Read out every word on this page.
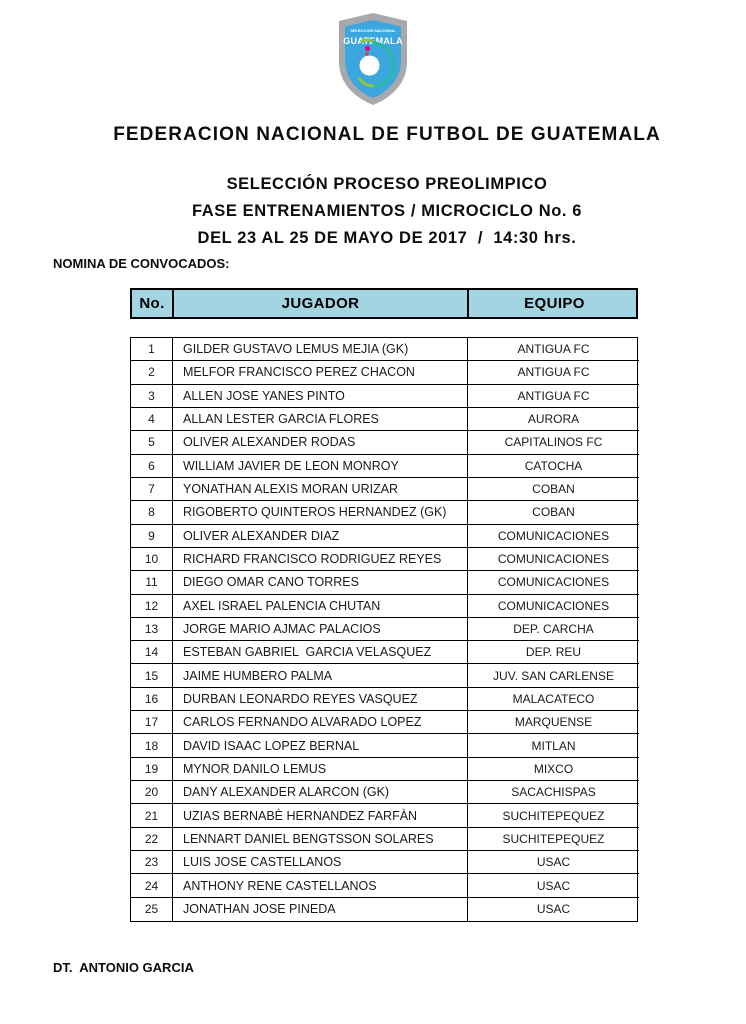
SELECCION NACIONAL
GUATEMALA
FEDERACION NACIONAL DE FUTBOL DE GUATEMALA
SELECCIÓN PROCESO PREOLIMPICO
FASE ENTRENAMIENTOS / MICROCICLO No. 6
DEL 23 AL 25 DE MAYO DE 2017  /  14:30 hrs.
NOMINA DE CONVOCADOS:
No.	JUGADOR	EQUIPO
1	GILDER GUSTAVO LEMUS MEJIA (GK)	ANTIGUA FC
2	MELFOR FRANCISCO PEREZ CHACON	ANTIGUA FC
3	ALLEN JOSE YANES PINTO	ANTIGUA FC
4	ALLAN LESTER GARCIA FLORES	AURORA
5	OLIVER ALEXANDER RODAS	CAPITALINOS FC
6	WILLIAM JAVIER DE LEON MONROY	CATOCHA
7	YONATHAN ALEXIS MORAN URIZAR	COBAN
8	RIGOBERTO QUINTEROS HERNANDEZ (GK)	COBAN
9	OLIVER ALEXANDER DIAZ	COMUNICACIONES
10	RICHARD FRANCISCO RODRIGUEZ REYES	COMUNICACIONES
11	DIEGO OMAR CANO TORRES	COMUNICACIONES
12	AXEL ISRAEL PALENCIA CHUTAN	COMUNICACIONES
13	JORGE MARIO AJMAC PALACIOS	DEP. CARCHA
14	ESTEBAN GABRIEL  GARCIA VELASQUEZ	DEP. REU
15	JAIME HUMBERO PALMA	JUV. SAN CARLENSE
16	DURBAN LEONARDO REYES VASQUEZ	MALACATECO
17	CARLOS FERNANDO ALVARADO LOPEZ	MARQUENSE
18	DAVID ISAAC LOPEZ BERNAL	MITLAN
19	MYNOR DANILO LEMUS	MIXCO
20	DANY ALEXANDER ALARCON (GK)	SACACHISPAS
21	UZIAS BERNABÈ HERNANDEZ FARFÀN	SUCHITEPEQUEZ
22	LENNART DANIEL BENGTSSON SOLARES	SUCHITEPEQUEZ
23	LUIS JOSE CASTELLANOS	USAC
24	ANTHONY RENE CASTELLANOS	USAC
25	JONATHAN JOSE PINEDA	USAC
DT.  ANTONIO GARCIA
